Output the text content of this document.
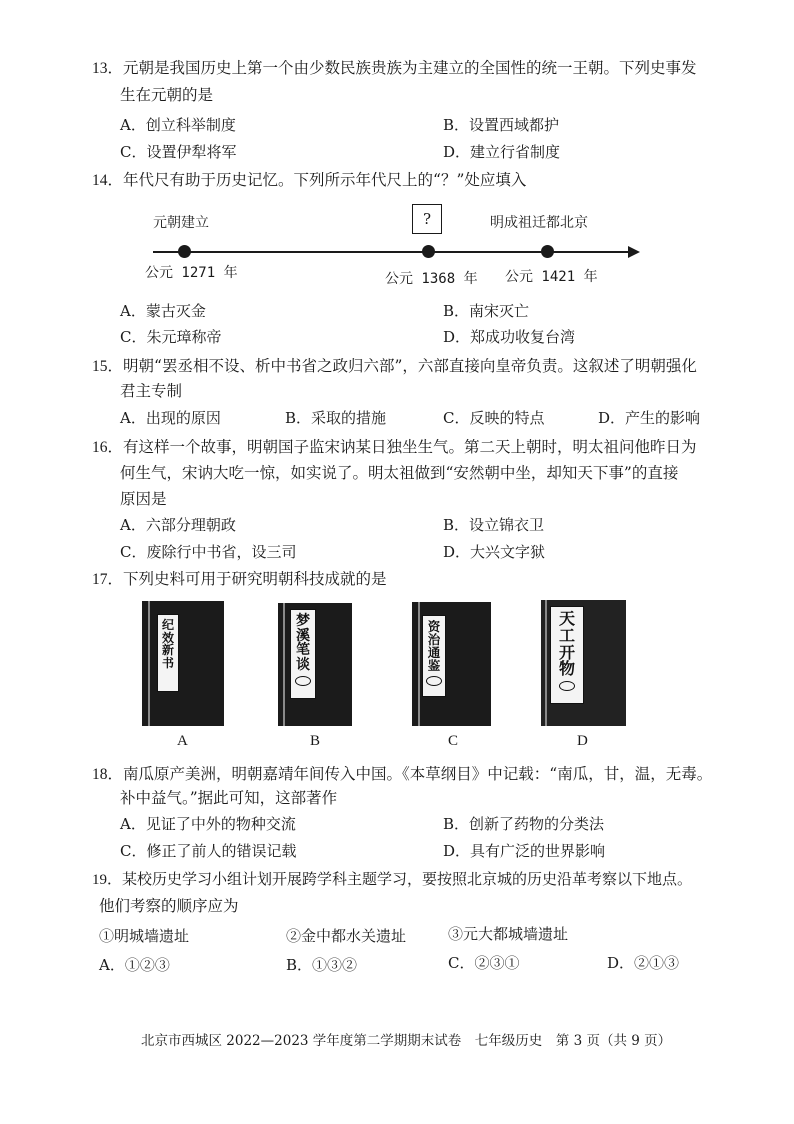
13．元朝是我国历史上第一个由少数民族贵族为主建立的全国性的统一王朝。下列史事发
生在元朝的是
A．创立科举制度	B．设置西域都护
C．设置伊犁将军	D．建立行省制度
14．年代尺有助于历史记忆。下列所示年代尺上的“？”处应填入
元朝建立	明成祖迁都北京
?
公元 1271 年	公元 1368 年 公元 1421 年
A．蒙古灭金	B．南宋灭亡
C．朱元璋称帝	D．郑成功收复台湾
15．明朝“罢丞相不设、析中书省之政归六部”，六部直接向皇帝负责。这叙述了明朝强化
君主专制
A．出现的原因	B．采取的措施	C．反映的特点	D．产生的影响
16．有这样一个故事，明朝国子监宋讷某日独坐生气。第二天上朝时，明太祖问他昨日为
何生气，宋讷大吃一惊，如实说了。明太祖做到“安然朝中坐，却知天下事”的直接
原因是
A．六部分理朝政	B．设立锦衣卫
C．废除行中书省，设三司	D．大兴文字狱
17．下列史料可用于研究明朝科技成就的是
纪
效
新
书
A
梦
溪
笔
谈
B
资
治
通
鉴
C
天
工
开
物
D
18．南瓜原产美洲，明朝嘉靖年间传入中国。《本草纲目》中记载：“南瓜，甘，温，无毒。
补中益气。”据此可知，这部著作
A．见证了中外的物种交流	B．创新了药物的分类法
C．修正了前人的错误记载	D．具有广泛的世界影响
19．某校历史学习小组计划开展跨学科主题学习，要按照北京城的历史沿革考察以下地点。
他们考察的顺序应为
①明城墙遗址	②金中都水关遗址	③元大都城墙遗址
A．①②③	B．①③②	C．②③①	D．②①③
北京市西城区 2022—2023 学年度第二学期期末试卷　七年级历史　第 3 页（共 9 页）
